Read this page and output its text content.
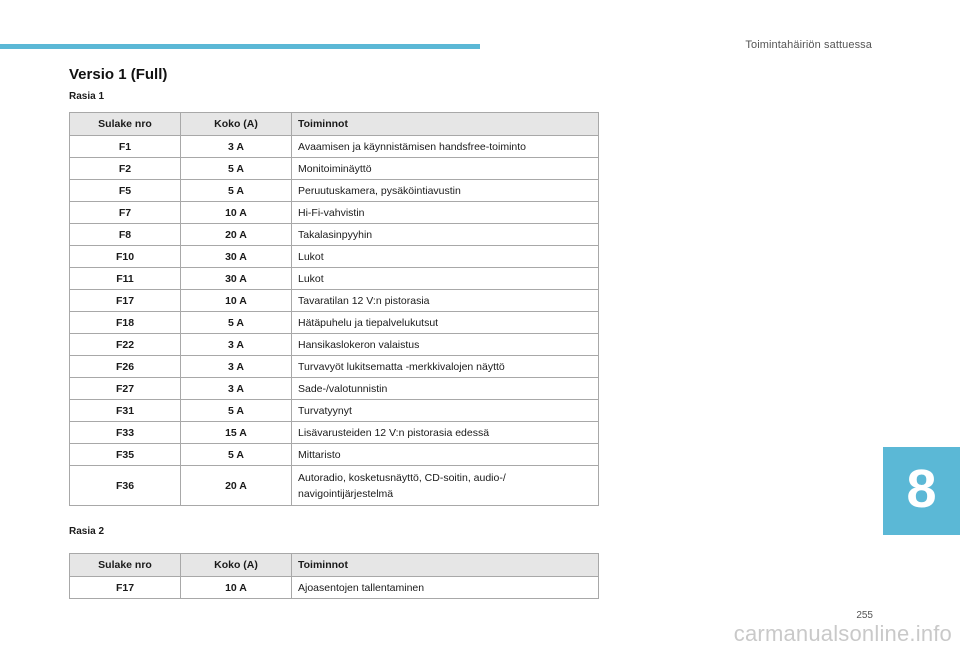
Toimintahäiriön sattuessa
Versio 1 (Full)
Rasia 1
Sulake nro	Koko (A)	Toiminnot
F1	3 A	Avaamisen ja käynnistämisen handsfree-toiminto
F2	5 A	Monitoiminäyttö
F5	5 A	Peruutuskamera, pysäköintiavustin
F7	10 A	Hi-Fi-vahvistin
F8	20 A	Takalasinpyyhin
F10	30 A	Lukot
F11	30 A	Lukot
F17	10 A	Tavaratilan 12 V:n pistorasia
F18	5 A	Hätäpuhelu ja tiepalvelukutsut
F22	3 A	Hansikaslokeron valaistus
F26	3 A	Turvavyöt lukitsematta -merkkivalojen näyttö
F27	3 A	Sade-/valotunnistin
F31	5 A	Turvatyynyt
F33	15 A	Lisävarusteiden 12 V:n pistorasia edessä
F35	5 A	Mittaristo
F36	20 A	Autoradio, kosketusnäyttö, CD-soitin, audio-/
navigointijärjestelmä
Rasia 2
Sulake nro	Koko (A)	Toiminnot
F17	10 A	Ajoasentojen tallentaminen
8
255
carmanualsonline.info
